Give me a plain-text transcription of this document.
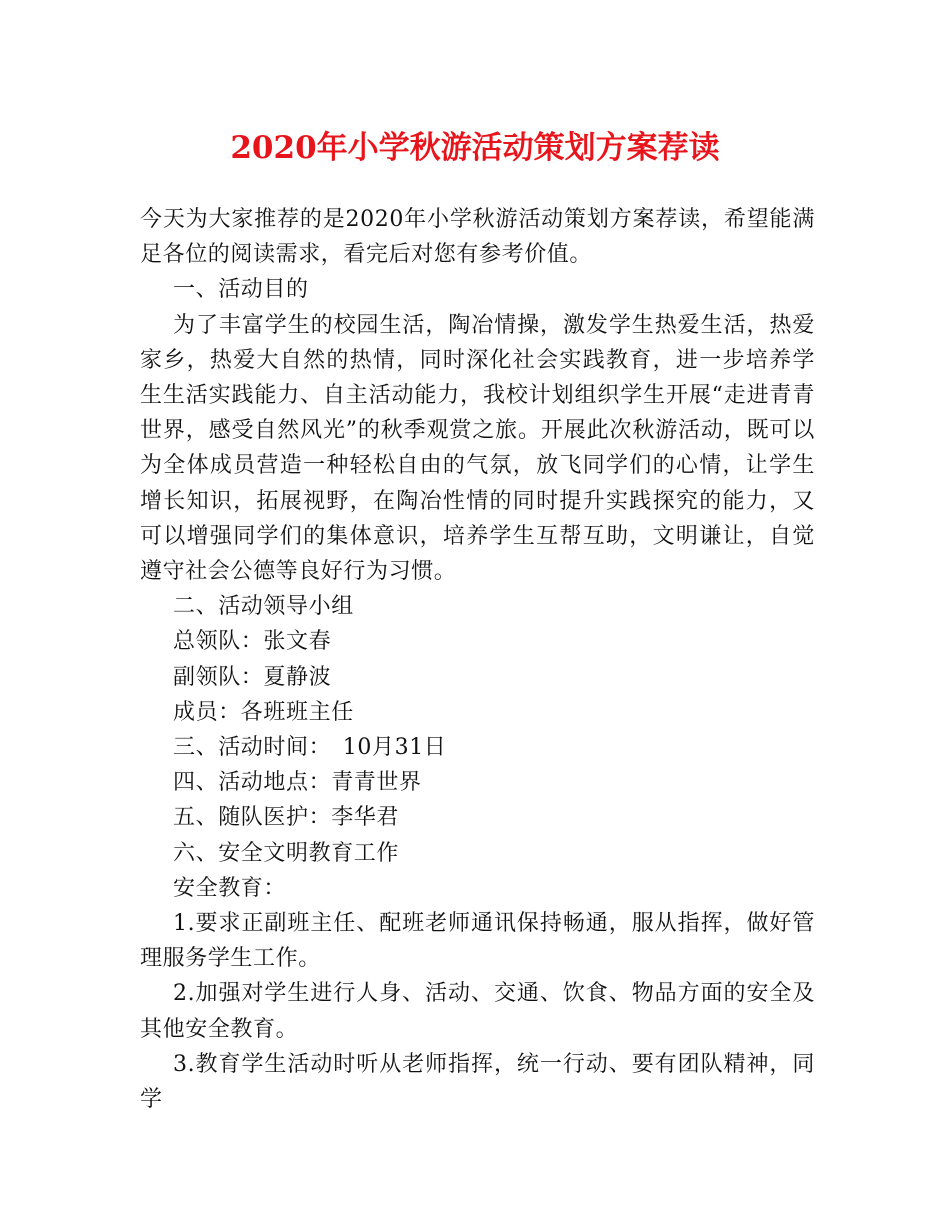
2020年小学秋游活动策划方案荐读

今天为大家推荐的是2020年小学秋游活动策划方案荐读，希望能满足各位的阅读需求，看完后对您有参考价值。

一、活动目的

为了丰富学生的校园生活，陶冶情操，激发学生热爱生活，热爱家乡，热爱大自然的热情，同时深化社会实践教育，进一步培养学生生活实践能力、自主活动能力，我校计划组织学生开展“走进青青世界，感受自然风光”的秋季观赏之旅。开展此次秋游活动，既可以为全体成员营造一种轻松自由的气氛，放飞同学们的心情，让学生增长知识，拓展视野，在陶冶性情的同时提升实践探究的能力，又可以增强同学们的集体意识，培养学生互帮互助，文明谦让，自觉遵守社会公德等良好行为习惯。

二、活动领导小组

总领队：张文春

副领队：夏静波

成员：各班班主任

三、活动时间：　10月31日

四、活动地点：青青世界

五、随队医护：李华君

六、安全文明教育工作

安全教育：

1.要求正副班主任、配班老师通讯保持畅通，服从指挥，做好管理服务学生工作。

2.加强对学生进行人身、活动、交通、饮食、物品方面的安全及其他安全教育。

3.教育学生活动时听从老师指挥，统一行动、要有团队精神，同学
